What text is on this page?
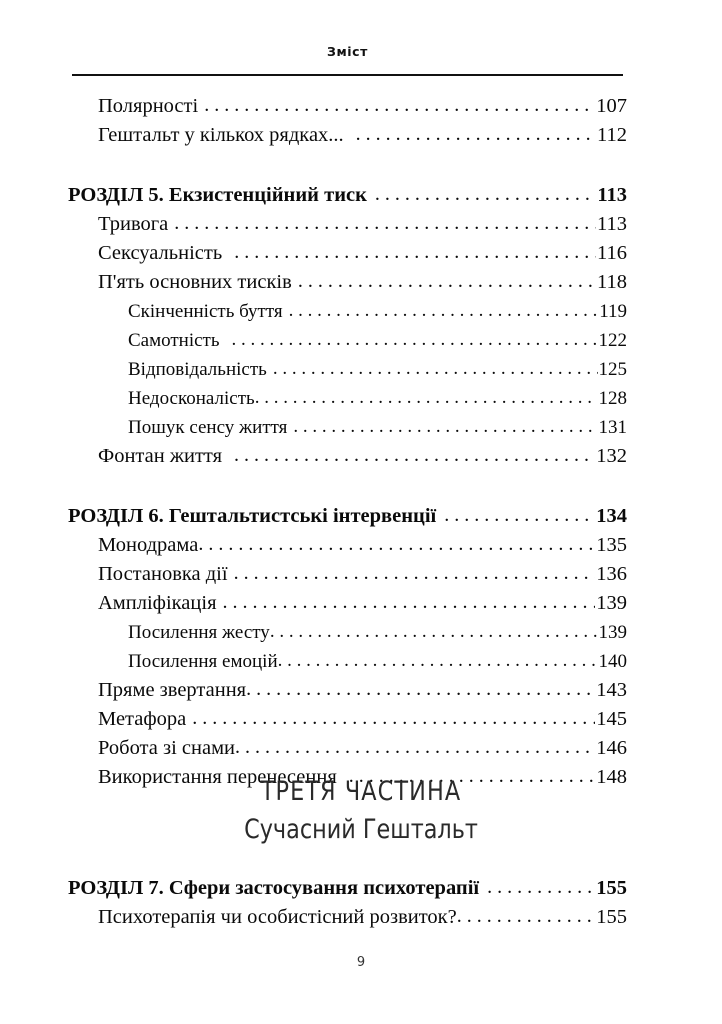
Зміст
Полярності . . .	107
Гештальт у кількох рядках... . . .	112
РОЗДІЛ 5. Екзистенційний тиск . . .	113
Тривога . . .	113
Сексуальність . . .	116
П'ять основних тисків . . .	118
Скінченність буття . . .	119
Самотність . . .	122
Відповідальність . . .	125
Недосконалість . . .	128
Пошук сенсу життя . . .	131
Фонтан життя . . .	132
РОЗДІЛ 6. Гештальтистські інтервенції . . .	134
Монодрама . . .	135
Постановка дії . . .	136
Ампліфікація . . .	139
Посилення жесту . . .	139
Посилення емоцій . . .	140
Пряме звертання . . .	143
Метафора . . .	145
Робота зі снами . . .	146
Використання перенесення . . .	148
ТРЕТЯ ЧАСТИНА
Сучасний Гештальт
РОЗДІЛ 7. Сфери застосування психотерапії . . .	155
Психотерапія чи особистісний розвиток? . . .	155
9
